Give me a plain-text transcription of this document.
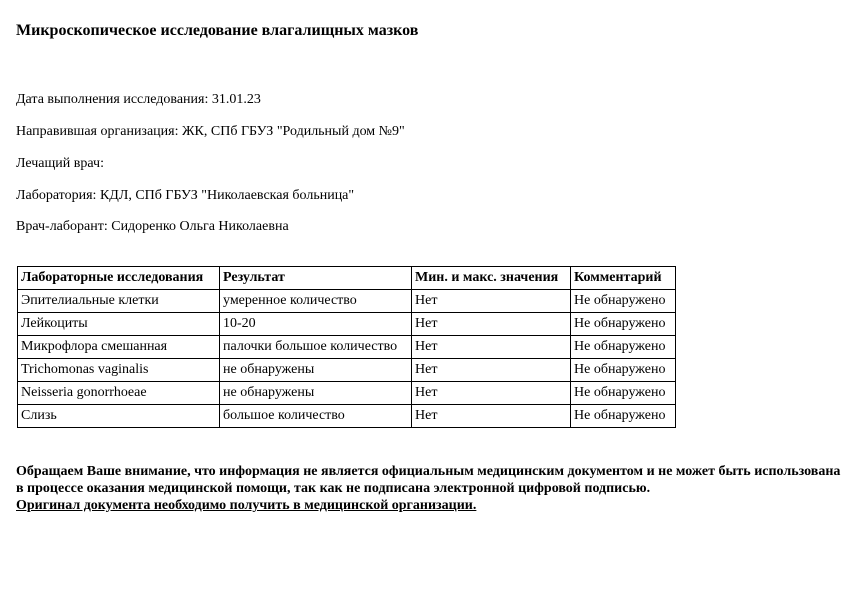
Микроскопическое исследование влагалищных мазков
Дата выполнения исследования: 31.01.23
Направившая организация: ЖК, СПб ГБУЗ "Родильный дом №9"
Лечащий врач:
Лаборатория: КДЛ, СПб ГБУЗ "Николаевская больница"
Врач-лаборант: Сидоренко Ольга Николаевна
Лабораторные исследования	Результат	Мин. и макс. значения	Комментарий
Эпителиальные клетки	умеренное количество	Нет	Не обнаружено
Лейкоциты	10-20	Нет	Не обнаружено
Микрофлора смешанная	палочки большое количество	Нет	Не обнаружено
Trichomonas vaginalis	не обнаружены	Нет	Не обнаружено
Neisseria gonorrhoeae	не обнаружены	Нет	Не обнаружено
Слизь	большое количество	Нет	Не обнаружено
Обращаем Ваше внимание, что информация не является официальным медицинским документом и не может быть использована в процессе оказания медицинской помощи, так как не подписана электронной цифровой подписью.
Оригинал документа необходимо получить в медицинской организации.
